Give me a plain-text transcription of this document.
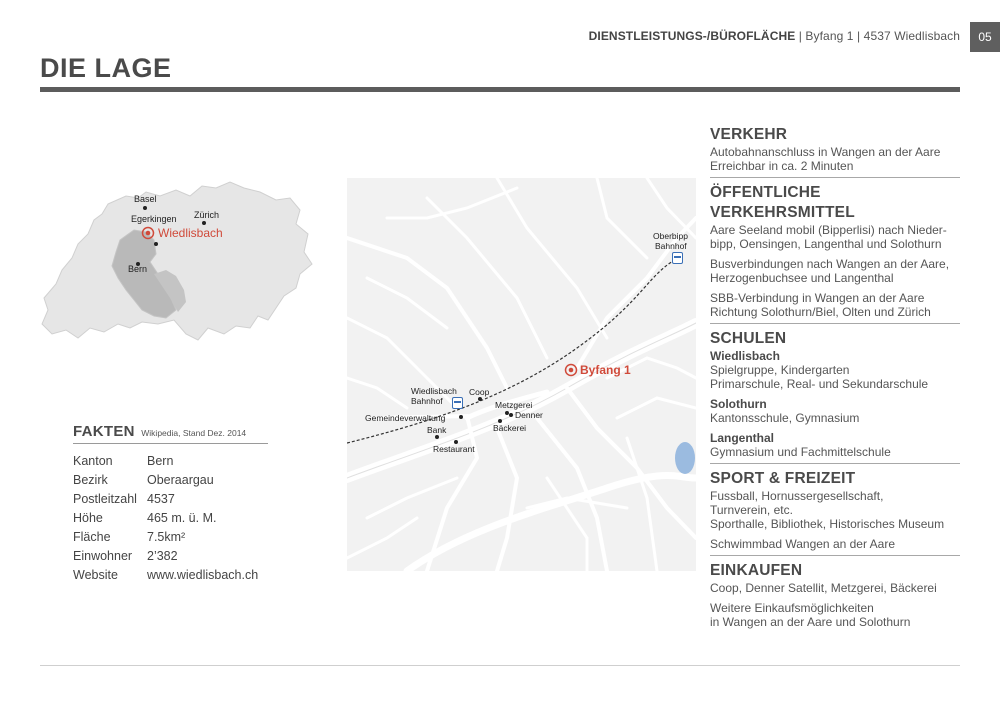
DIENSTLEISTUNGS-/BÜROFLÄCHE | Byfang 1 | 4537 Wiedlisbach	05
DIE LAGE
Basel
Egerkingen Zürich
Wiedlisbach
Bern
FAKTEN Wikipedia, Stand Dez. 2014
Kanton	Bern
Bezirk	Oberaargau
Postleitzahl 4537
Höhe	465 m. ü. M.
Fläche	7.5km²
Einwohner	2’382
Website	www.wiedlisbach.ch
Oberbipp
Bahnhof
Byfang 1
Wiedlisbach
Bahnhof
Coop
Metzgerei
Denner
Gemeindeverwaltung
Bäckerei
Bank
Restaurant
VERKEHR
Autobahnanschluss in Wangen an der Aare
Erreichbar in ca. 2 Minuten
ÖFFENTLICHE
VERKEHRSMITTEL
Aare Seeland mobil (Bipperlisi) nach Nieder-
bipp, Oensingen, Langenthal und Solothurn
Busverbindungen nach Wangen an der Aare,
Herzogenbuchsee und Langenthal
SBB-Verbindung in Wangen an der Aare
Richtung Solothurn/Biel, Olten und Zürich
SCHULEN
Wiedlisbach
Spielgruppe, Kindergarten
Primarschule, Real- und Sekundarschule
Solothurn
Kantonsschule, Gymnasium
Langenthal
Gymnasium und Fachmittelschule
SPORT & FREIZEIT
Fussball, Hornussergesellschaft,
Turnverein, etc.
Sporthalle, Bibliothek, Historisches Museum
Schwimmbad Wangen an der Aare
EINKAUFEN
Coop, Denner Satellit, Metzgerei, Bäckerei
Weitere Einkaufsmöglichkeiten
in Wangen an der Aare und Solothurn
